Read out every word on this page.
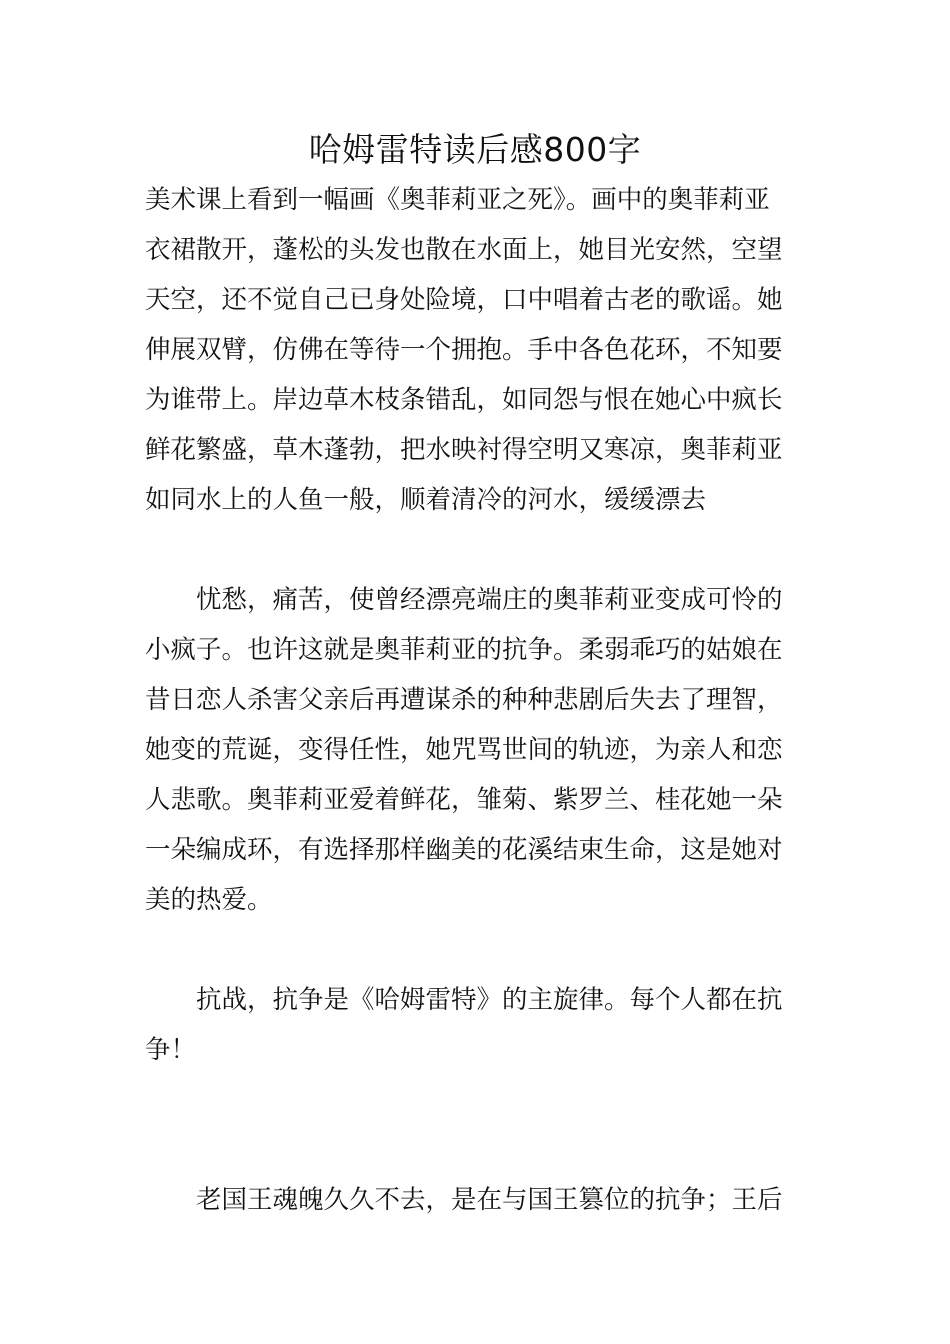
哈姆雷特读后感800字
美术课上看到一幅画《奥菲莉亚之死》。画中的奥菲莉亚
衣裙散开，蓬松的头发也散在水面上，她目光安然，空望
天空，还不觉自己已身处险境，口中唱着古老的歌谣。她
伸展双臂，仿佛在等待一个拥抱。手中各色花环，不知要
为谁带上。岸边草木枝条错乱，如同怨与恨在她心中疯长
鲜花繁盛，草木蓬勃，把水映衬得空明又寒凉，奥菲莉亚
如同水上的人鱼一般，顺着清冷的河水，缓缓漂去
　　忧愁，痛苦，使曾经漂亮端庄的奥菲莉亚变成可怜的
小疯子。也许这就是奥菲莉亚的抗争。柔弱乖巧的姑娘在
昔日恋人杀害父亲后再遭谋杀的种种悲剧后失去了理智，
她变的荒诞，变得任性，她咒骂世间的轨迹，为亲人和恋
人悲歌。奥菲莉亚爱着鲜花，雏菊、紫罗兰、桂花她一朵
一朵编成环，有选择那样幽美的花溪结束生命，这是她对
美的热爱。
　　抗战，抗争是《哈姆雷特》的主旋律。每个人都在抗
争！
　　老国王魂魄久久不去，是在与国王篡位的抗争；王后
